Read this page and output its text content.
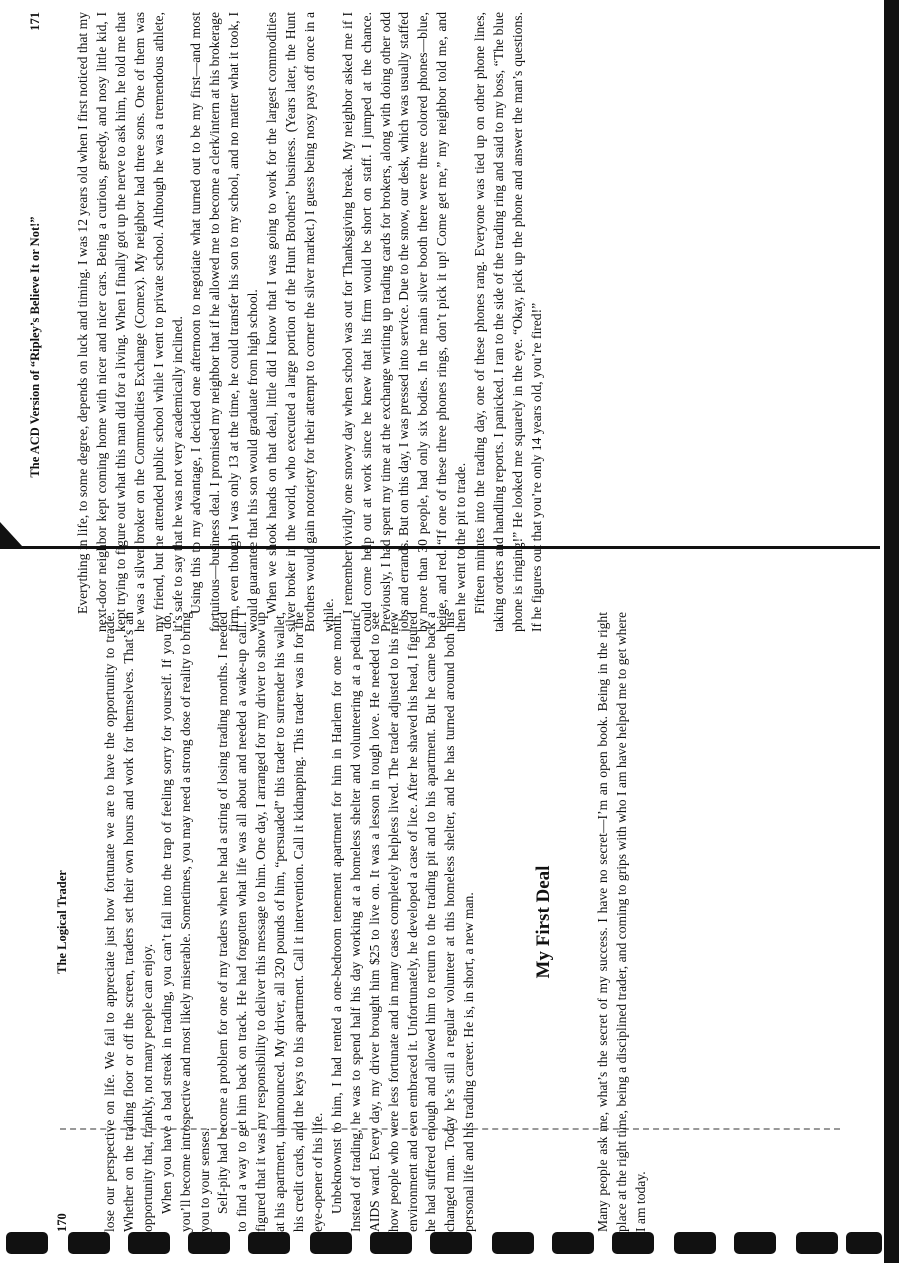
170
The Logical Trader lose our perspective on life. We fail to appreciate just how fortunate we are to have the opportunity to trade. Whether on the trading floor or off the screen, traders set their own hours and work for themselves. That’s an opportunity that, frankly, not many people can enjoy. When you have a bad streak in trading, you can’t fall into the trap of feeling sorry for yourself. If you do, you’ll become introspective and most likely miserable. Sometimes, you may need a strong dose of reality to bring you to your senses. Self-pity had become a problem for one of my traders when he had a string of losing trading months. I needed to find a way to get him back on track. He had forgotten what life was all about and needed a wake-up call. I figured that it was my responsibility to deliver this message to him. One day, I arranged for my driver to show up at his apartment, unannounced. My driver, all 320 pounds of him, “persuaded” this trader to surrender his wallet, his credit cards, and the keys to his apartment. Call it intervention. Call it kidnapping. This trader was in for the eye-opener of his life. Unbeknownst to him, I had rented a one-bedroom tenement apartment for him in Harlem for one month. Instead of trading, he was to spend half his day working at a homeless shelter and volunteering at a pediatric AIDS ward. Every day, my driver brought him $25 to live on. It was a lesson in tough love. He needed to see how people who were less fortunate and in many cases completely helpless lived. The trader adjusted to his new environment and even embraced it. Unfortunately, he developed a case of lice. After he shaved his head, I figured he had suffered enough and allowed him to return to the trading pit and to his apartment. But he came back a changed man. Today he’s still a regular volunteer at this homeless shelter, and he has turned around both his personal life and his trading career. He is, in short, a new man.	My First Deal	Many people ask me, what’s the secret of my success. I have no secret—I’m an open book. Being in the right place at the right time, being a disciplined trader, and coming to grips with who I am have helped me to get where I am today.

The ACD Version of “Ripley’s Believe It or Not!”
171 Everything in life, to some degree, depends on luck and timing. I was 12 years old when I first noticed that my next-door neighbor kept coming home with nicer and nicer cars. Being a curious, greedy, and nosy little kid, I kept trying to figure out what this man did for a living. When I finally got up the nerve to ask him, he told me that he was a silver broker on the Commodities Exchange (Comex). My neighbor had three sons. One of them was my friend, but he attended public school while I went to private school. Although he was a tremendous athlete, it’s safe to say that he was not very academically inclined. Using this to my advantage, I decided one afternoon to negotiate what turned out to be my first—and most fortuitous—business deal. I promised my neighbor that if he allowed me to become a clerk/intern at his brokerage firm, even though I was only 13 at the time, he could transfer his son to my school, and no matter what it took, I would guarantee that his son would graduate from high school. When we shook hands on that deal, little did I know that I was going to work for the largest commodities silver broker in the world, who executed a large portion of the Hunt Brothers’ business. (Years later, the Hunt Brothers would gain notoriety for their attempt to corner the silver market.) I guess being nosy pays off once in a while.

I remember vividly one snowy day when school was out for Thanksgiving break. My neighbor asked me if I could come help out at work since he knew that his firm would be short on staff. I jumped at the chance. Previously, I had spent my time at the exchange writing up trading cards for brokers, along with doing other odd jobs and errands. But on this day, I was pressed into service. Due to the snow, our desk, which was usually staffed by more than 30 people, had only six bodies. In the main silver booth there were three colored phones—blue, beige, and red. “If one of these three phones rings, don’t pick it up! Come get me,” my neighbor told me, and then he went to the pit to trade. Fifteen minutes into the trading day, one of these phones rang. Everyone was tied up on other phone lines, taking orders and handling reports. I panicked. I ran to the side of the trading ring and said to my boss, “The blue phone is ringing!” He looked me squarely in the eye. “Okay, pick up the phone and answer the man’s questions. If he figures out that you’re only 14 years old, you’re fired!”
